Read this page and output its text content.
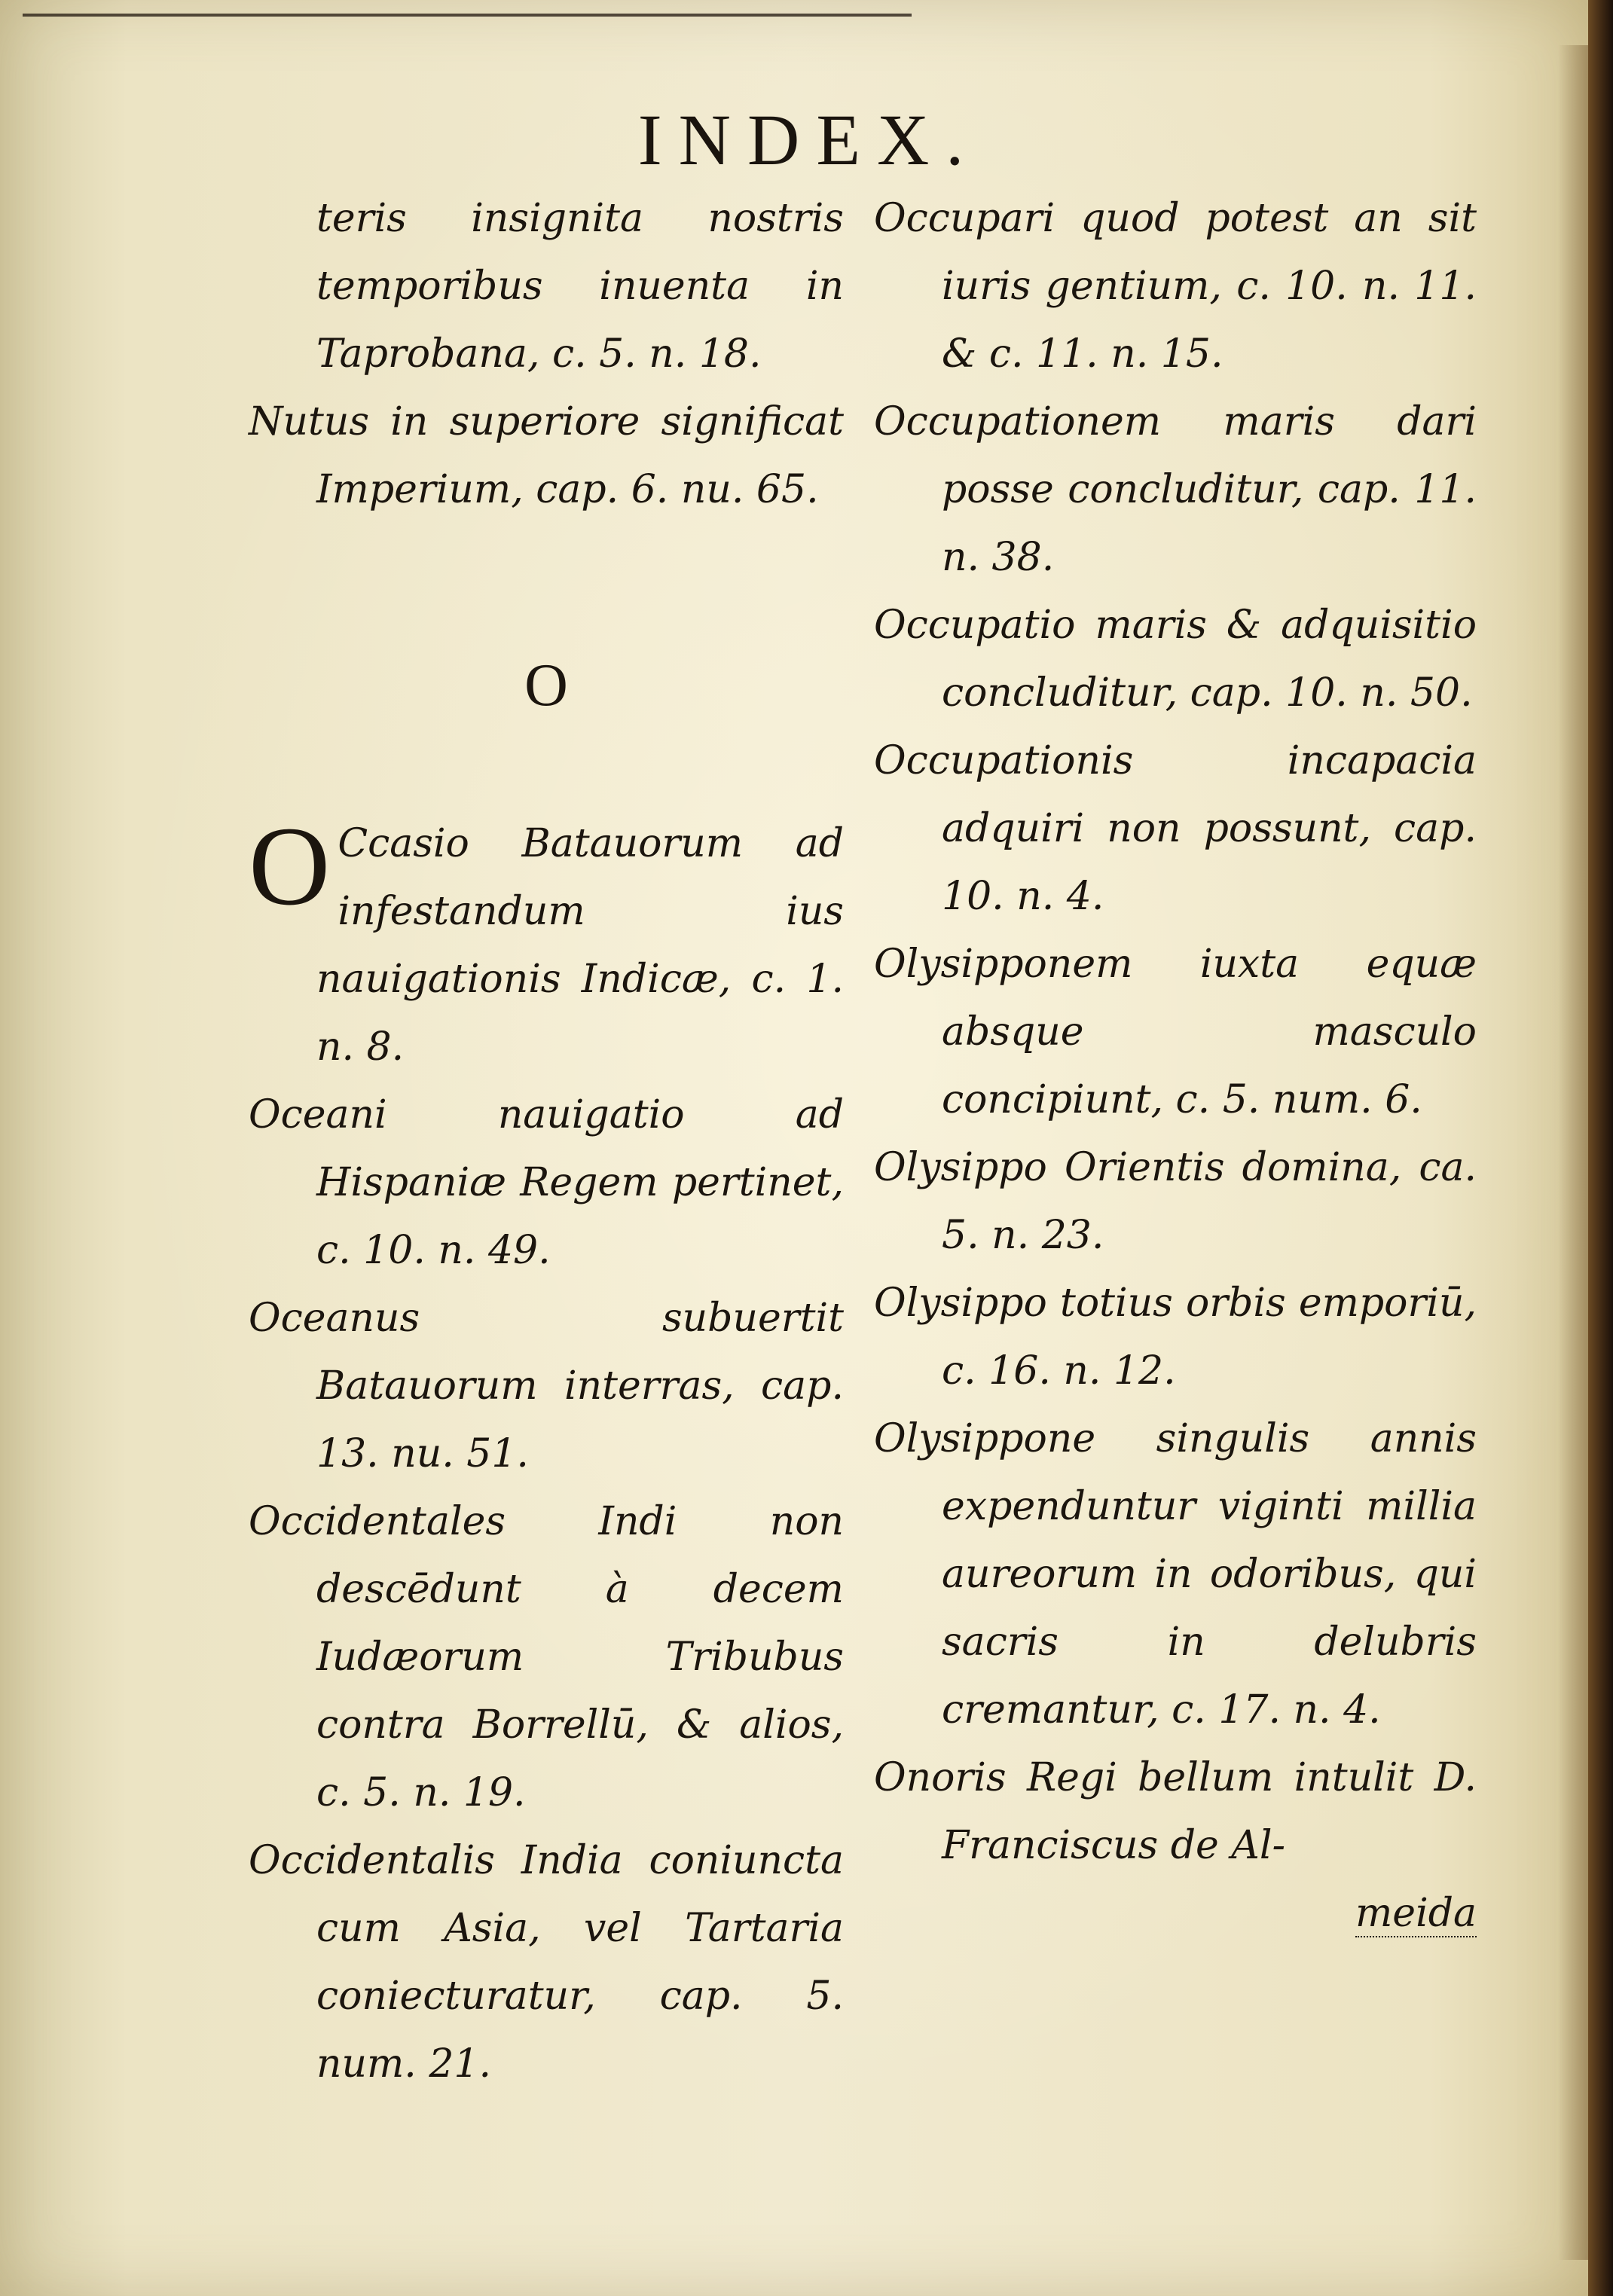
INDEX.

teris insignita nostris temporibus inuenta in Taprobana, c. 5. n. 18.

Nutus in superiore significat Imperium, cap. 6. nu. 65.

O

O Ccasio Batauorum ad infestandum ius nauigationis Indicæ, c. 1. n. 8.

Oceani nauigatio ad Hispaniæ Regem pertinet, c. 10. n. 49.

Oceanus subuertit Batauorum interras, cap. 13. nu. 51.

Occidentales Indi non descēdunt à decem Iudæorum Tribubus contra Borrellū, & alios, c. 5. n. 19.

Occidentalis India coniuncta cum Asia, vel Tartaria coniecturatur, cap. 5. num. 21.

Occupari quod potest an sit iuris gentium, c. 10. n. 11. & c. 11. n. 15.

Occupationem maris dari posse concluditur, cap. 11. n. 38.

Occupatio maris & adquisitio concluditur, cap. 10. n. 50.

Occupationis incapacia adquiri non possunt, cap. 10. n. 4.

Olysipponem iuxta equæ absque masculo concipiunt, c. 5. num. 6.

Olysippo Orientis domina, ca. 5. n. 23.

Olysippo totius orbis emporiū, c. 16. n. 12.

Olysippone singulis annis expenduntur viginti millia aureorum in odoribus, qui sacris in delubris cremantur, c. 17. n. 4.

Onoris Regi bellum intulit D. Franciscus de Al-

meida
